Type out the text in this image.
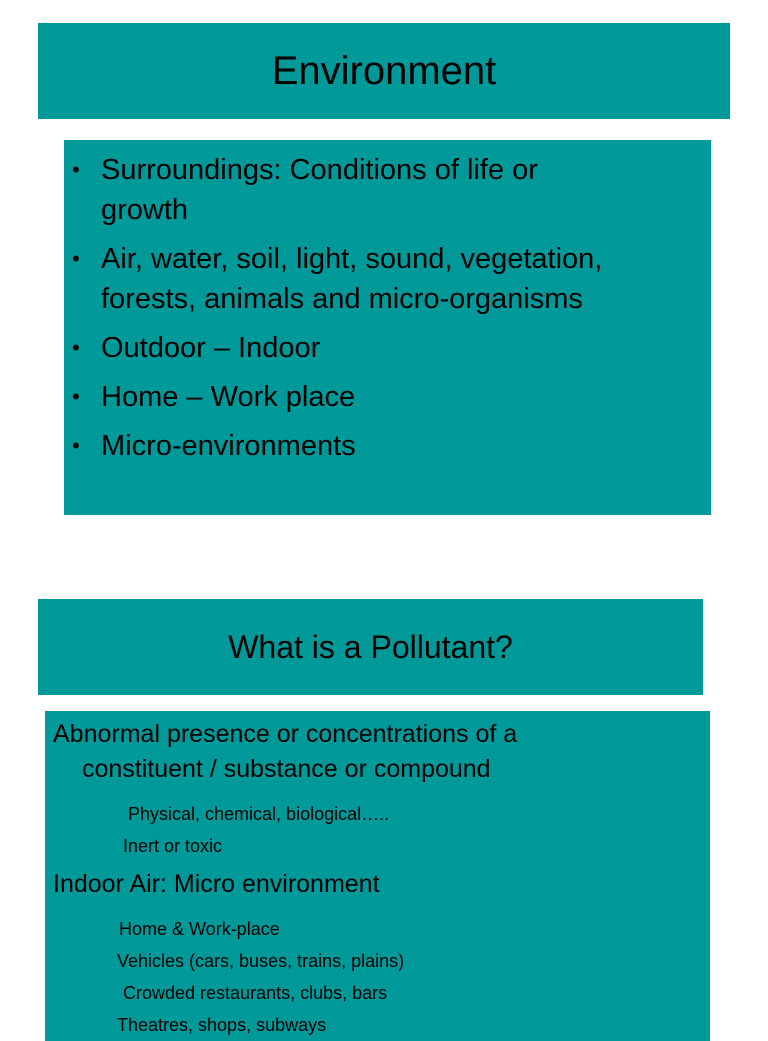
Environment
• Surroundings: Conditions of life or
growth
• Air, water, soil, light, sound, vegetation,
forests, animals and micro-organisms
• Outdoor – Indoor
• Home – Work place
• Micro-environments
What is a Pollutant?

Abnormal presence or concentrations of a

constituent / substance or compound

Physical, chemical, biological…..

Inert or toxic

Indoor Air: Micro environment

Home & Work-place

Vehicles (cars, buses, trains, plains)

Crowded restaurants, clubs, bars

Theatres, shops, subways
